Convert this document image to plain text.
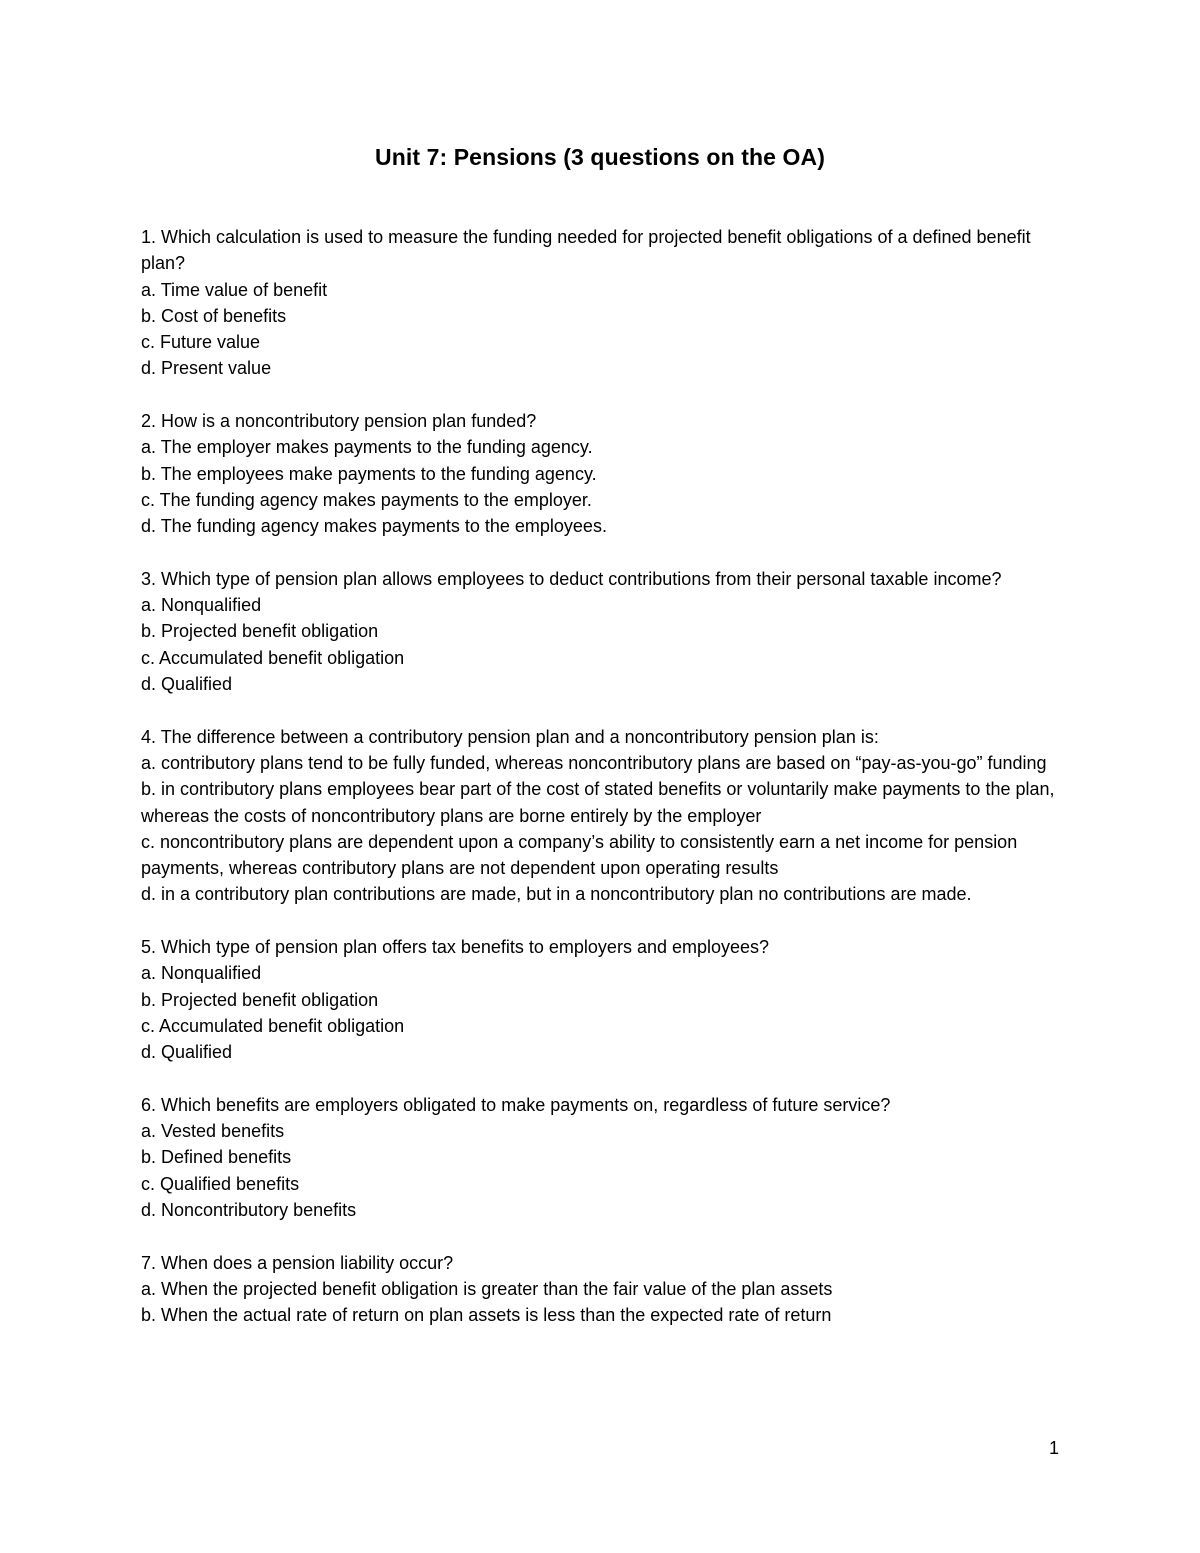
Unit 7: Pensions (3 questions on the OA)

1. Which calculation is used to measure the funding needed for projected benefit obligations of a defined benefit plan?

a. Time value of benefit

b. Cost of benefits

c. Future value

d. Present value

2. How is a noncontributory pension plan funded?

a. The employer makes payments to the funding agency.

b. The employees make payments to the funding agency.

c. The funding agency makes payments to the employer.

d. The funding agency makes payments to the employees.

3. Which type of pension plan allows employees to deduct contributions from their personal taxable income?

a. Nonqualified

b. Projected benefit obligation

c. Accumulated benefit obligation

d. Qualified

4. The difference between a contributory pension plan and a noncontributory pension plan is:

a. contributory plans tend to be fully funded, whereas noncontributory plans are based on “pay-as-you-go” funding

b. in contributory plans employees bear part of the cost of stated benefits or voluntarily make payments to the plan, whereas the costs of noncontributory plans are borne entirely by the employer

c. noncontributory plans are dependent upon a company’s ability to consistently earn a net income for pension payments, whereas contributory plans are not dependent upon operating results

d. in a contributory plan contributions are made, but in a noncontributory plan no contributions are made.

5. Which type of pension plan offers tax benefits to employers and employees?

a. Nonqualified

b. Projected benefit obligation

c. Accumulated benefit obligation

d. Qualified

6. Which benefits are employers obligated to make payments on, regardless of future service?

a. Vested benefits

b. Defined benefits

c. Qualified benefits

d. Noncontributory benefits

7. When does a pension liability occur?

a. When the projected benefit obligation is greater than the fair value of the plan assets

b. When the actual rate of return on plan assets is less than the expected rate of return

1
